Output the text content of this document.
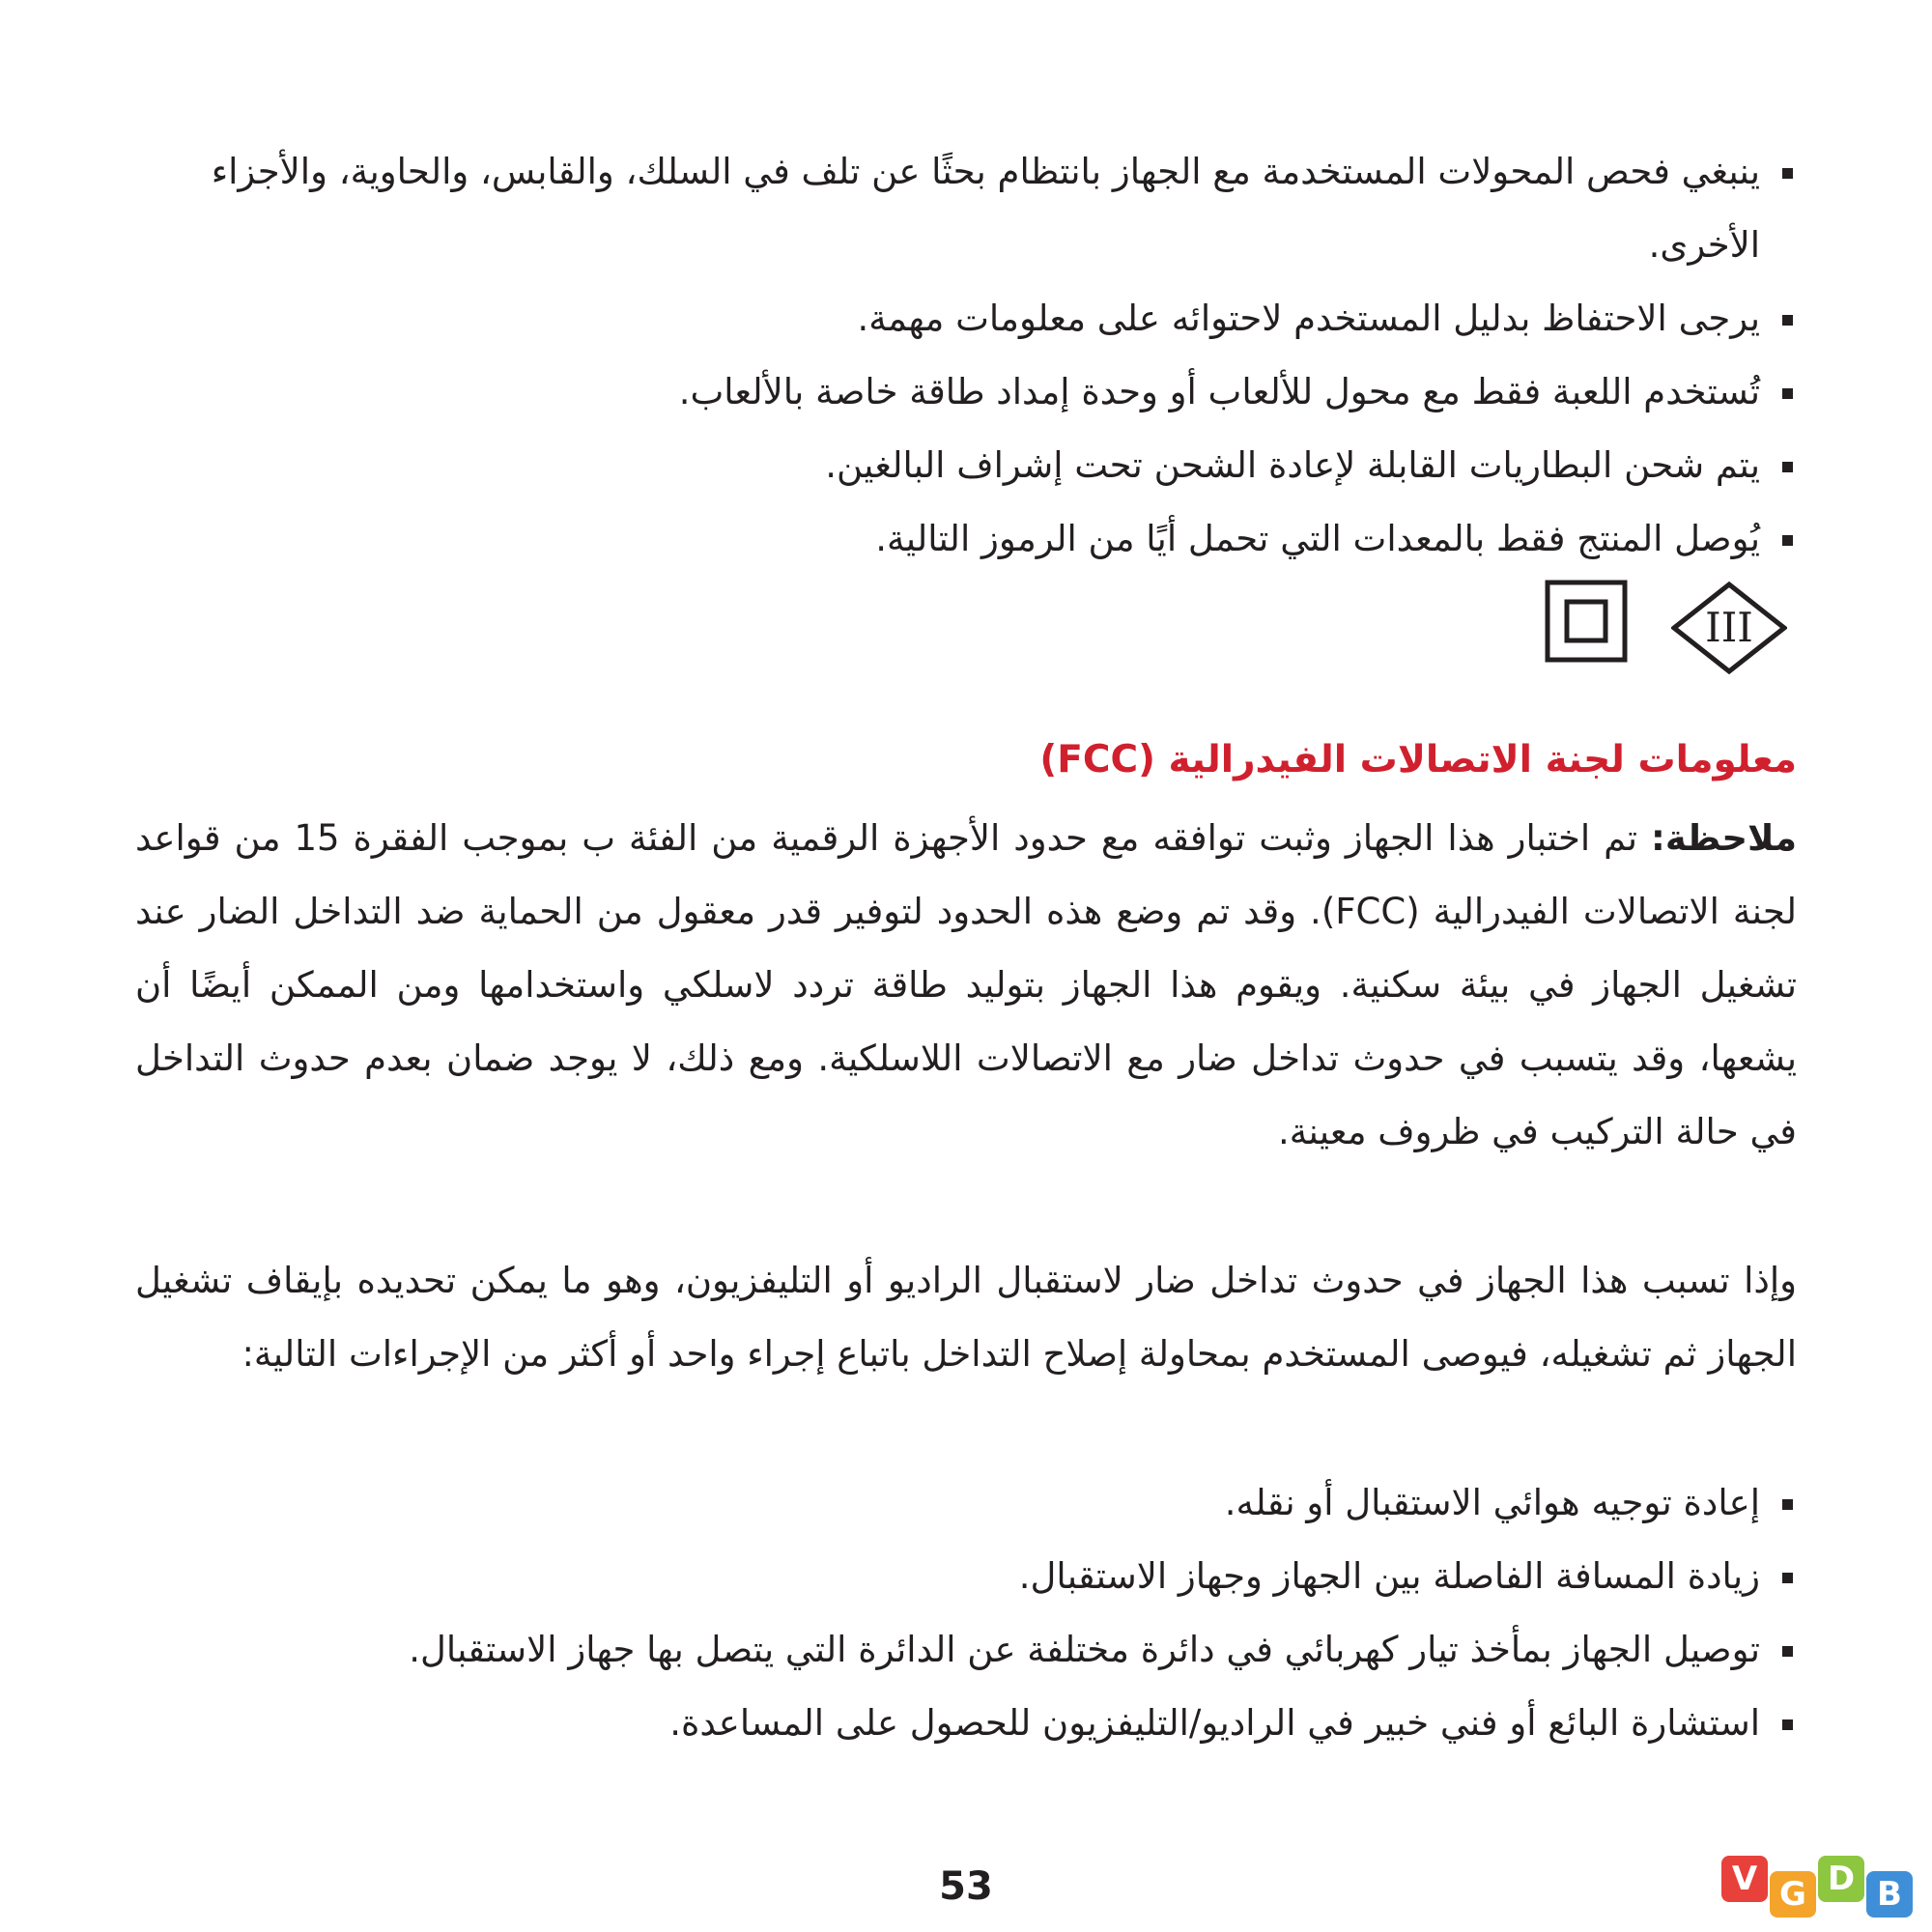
ينبغي فحص المحولات المستخدمة مع الجهاز بانتظام بحثًا عن تلف في السلك، والقابس، والحاوية، والأجزاء الأخرى.
يرجى الاحتفاظ بدليل المستخدم لاحتوائه على معلومات مهمة.
تُستخدم اللعبة فقط مع محول للألعاب أو وحدة إمداد طاقة خاصة بالألعاب.
يتم شحن البطاريات القابلة لإعادة الشحن تحت إشراف البالغين.
يُوصل المنتج فقط بالمعدات التي تحمل أيًا من الرموز التالية.
III
معلومات لجنة الاتصالات الفيدرالية (FCC)

ملاحظة: تم اختبار هذا الجهاز وثبت توافقه مع حدود الأجهزة الرقمية من الفئة ب بموجب الفقرة 15 من قواعد لجنة الاتصالات الفيدرالية (FCC). وقد تم وضع هذه الحدود لتوفير قدر معقول من الحماية ضد التداخل الضار عند تشغيل الجهاز في بيئة سكنية. ويقوم هذا الجهاز بتوليد طاقة تردد لاسلكي واستخدامها ومن الممكن أيضًا أن يشعها، وقد يتسبب في حدوث تداخل ضار مع الاتصالات اللاسلكية. ومع ذلك، لا يوجد ضمان بعدم حدوث التداخل في حالة التركيب في ظروف معينة.

وإذا تسبب هذا الجهاز في حدوث تداخل ضار لاستقبال الراديو أو التليفزيون، وهو ما يمكن تحديده بإيقاف تشغيل الجهاز ثم تشغيله، فيوصى المستخدم بمحاولة إصلاح التداخل باتباع إجراء واحد أو أكثر من الإجراءات التالية:

إعادة توجيه هوائي الاستقبال أو نقله.
زيادة المسافة الفاصلة بين الجهاز وجهاز الاستقبال.
توصيل الجهاز بمأخذ تيار كهربائي في دائرة مختلفة عن الدائرة التي يتصل بها جهاز الاستقبال.
استشارة البائع أو فني خبير في الراديو/التليفزيون للحصول على المساعدة.
53	V G D B
